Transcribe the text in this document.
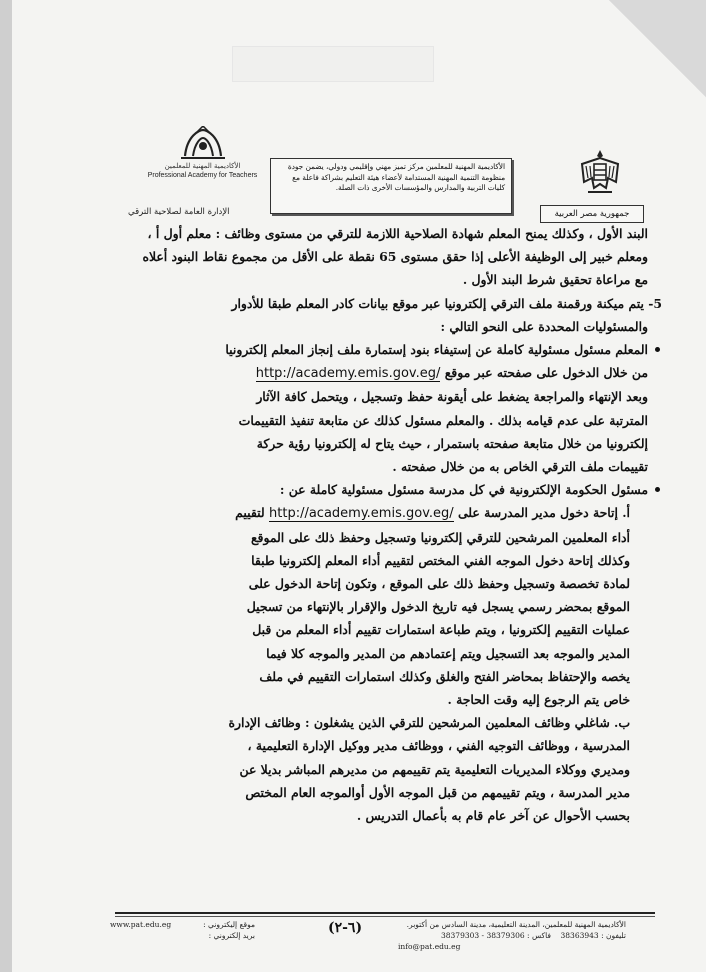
الأكاديمية المهنية للمعلمين
Professional Academy for Teachers
الإدارة العامة لصلاحية الترقي
الأكاديمية المهنية للمعلمين مركز تميز مهني وإقليمي ودولي، يضمن جودة منظومة التنمية المهنية المستدامة لأعضاء هيئة التعليم بشراكة فاعلة مع كليات التربية والمدارس والمؤسسات الأخرى ذات الصلة.
جمهورية مصر العربية

البند الأول ، وكذلك يمنح المعلم شهادة الصلاحية اللازمة للترقي من مستوى وظائف : معلم أول أ ،

ومعلم خبير إلى الوظيفة الأعلى إذا حقق مستوى 65 نقطة على الأقل من مجموع نقاط البنود أعلاه

مع مراعاة تحقيق شرط البند الأول .

5- يتم ميكنة ورقمنة ملف الترقي إلكترونيا عبر موقع بيانات كادر المعلم طبقا للأدوار

والمسئوليات المحددة على النحو التالي :

المعلم مسئول مسئولية كاملة عن إستيفاء بنود إستمارة ملف إنجاز المعلم إلكترونيا

من خلال الدخول على صفحته عبر موقع http://academy.emis.gov.eg/

وبعد الإنتهاء والمراجعة يضغط على أيقونة حفظ وتسجيل ، ويتحمل كافة الآثار

المترتبة على عدم قيامه بذلك . والمعلم مسئول كذلك عن متابعة تنفيذ التقييمات

إلكترونيا من خلال متابعة صفحته باستمرار ، حيث يتاح له إلكترونيا رؤية حركة

تقييمات ملف الترقي الخاص به من خلال صفحته .

مسئول الحكومة الإلكترونية في كل مدرسة مسئول مسئولية كاملة عن :

أ. إتاحة دخول مدير المدرسة على http://academy.emis.gov.eg/ لتقييم

أداء المعلمين المرشحين للترقي إلكترونيا وتسجيل وحفظ ذلك على الموقع

وكذلك إتاحة دخول الموجه الفني المختص لتقييم أداء المعلم إلكترونيا طبقا

لمادة تخصصة وتسجيل وحفظ ذلك على الموقع ، وتكون إتاحة الدخول على

الموقع بمحضر رسمي يسجل فيه تاريخ الدخول والإقرار بالإنتهاء من تسجيل

عمليات التقييم إلكترونيا ، ويتم طباعة استمارات تقييم أداء المعلم من قبل

المدير والموجه بعد التسجيل ويتم إعتمادهم من المدير والموجه كلا فيما

يخصه والإحتفاظ بمحاضر الفتح والغلق وكذلك استمارات التقييم في ملف

خاص يتم الرجوع إليه وقت الحاجة .

ب. شاغلي وظائف المعلمين المرشحين للترقي الذين يشغلون : وظائف الإدارة

المدرسية ، ووظائف التوجيه الفني ، ووظائف مدير ووكيل الإدارة التعليمية ،

ومديري ووكلاء المديريات التعليمية يتم تقييمهم من مديرهم المباشر بديلا عن

مدير المدرسة ، ويتم تقييمهم من قبل الموجه الأول أوالموجه العام المختص

بحسب الأحوال عن آخر عام قام به بأعمال التدريس .

www.pat.edu.eg	موقع إليكتروني :
بريد إلكتروني :	(٦-٢)	الأكاديمية المهنية للمعلمين، المدينة التعليمية، مدينة السادس من أكتوبر.
تليفون : 38363943    فاكس : 38379303 - 38379306
info@pat.edu.eg
